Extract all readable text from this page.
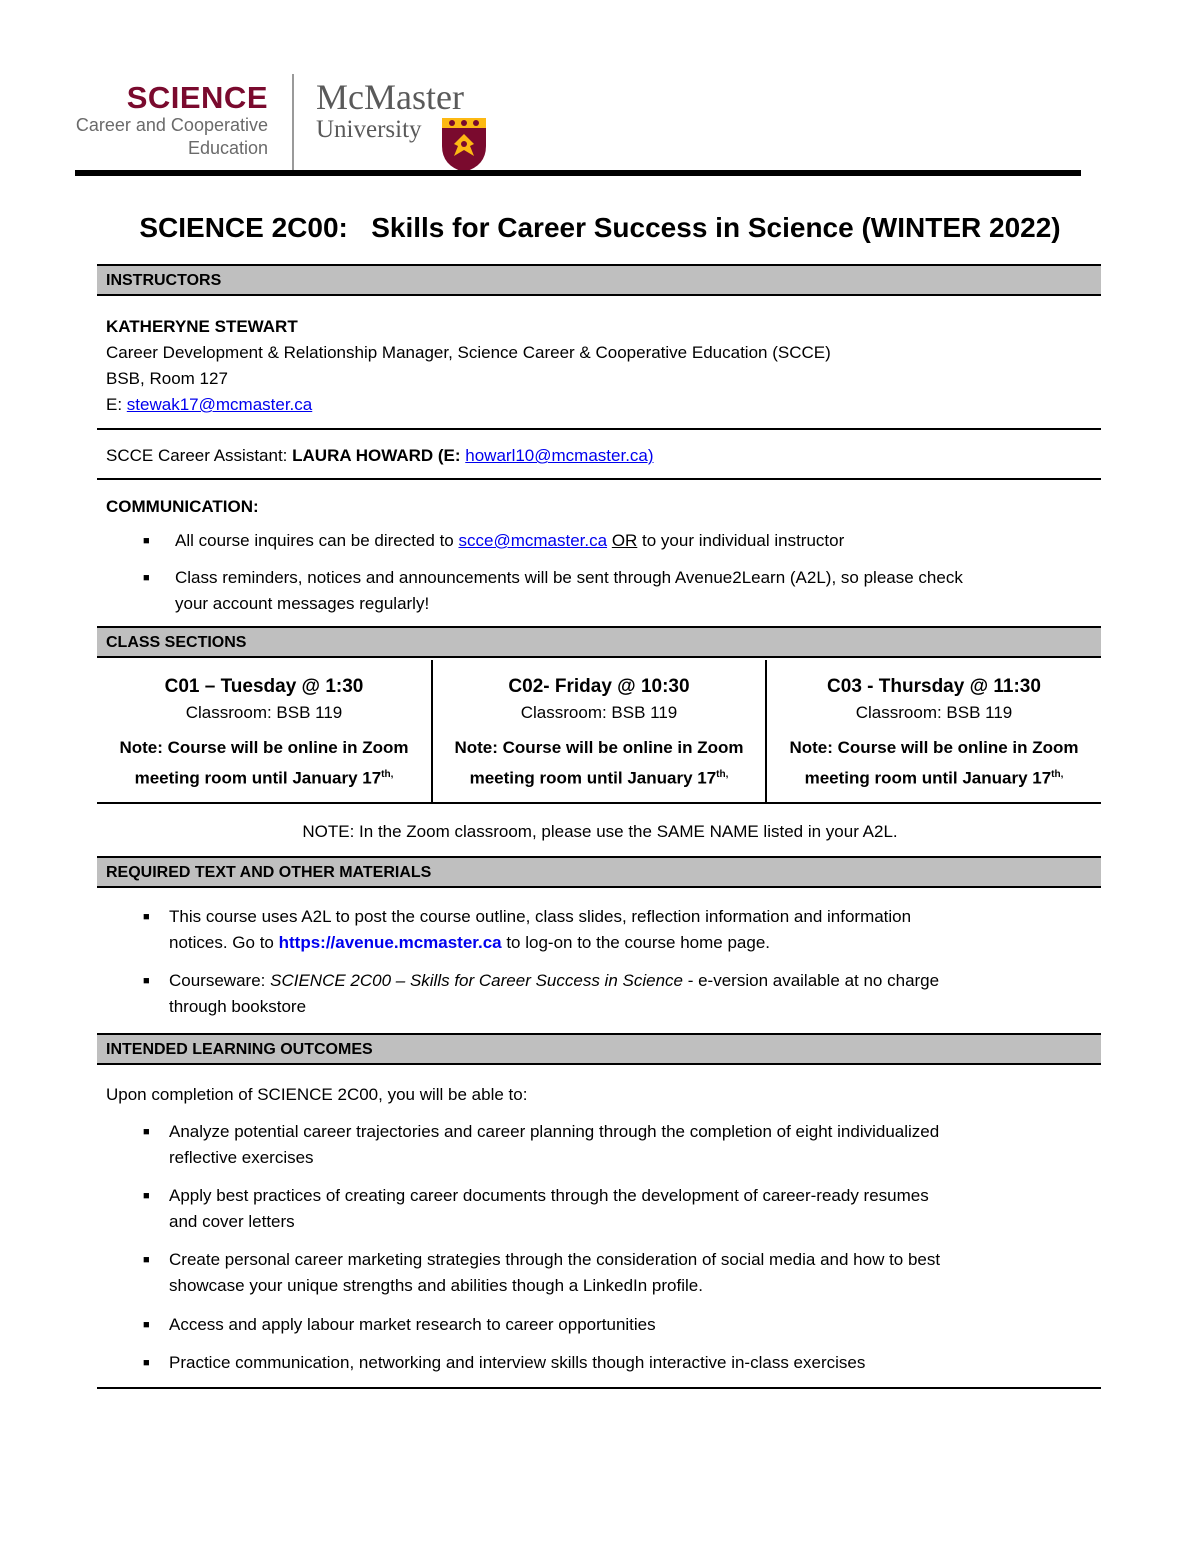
SCIENCE
Career and Cooperative
Education
McMaster
University
SCIENCE 2C00:   Skills for Career Success in Science (WINTER 2022)
INSTRUCTORS
KATHERYNE STEWART
Career Development & Relationship Manager, Science Career & Cooperative Education (SCCE)
BSB, Room 127
E: stewak17@mcmaster.ca
SCCE Career Assistant: LAURA HOWARD (E: howarl10@mcmaster.ca)
COMMUNICATION:
■ All course inquires can be directed to scce@mcmaster.ca OR to your individual instructor
■ Class reminders, notices and announcements will be sent through Avenue2Learn (A2L), so please check
your account messages regularly!
CLASS SECTIONS
C01 – Tuesday @ 1:30
Classroom: BSB 119
Note: Course will be online in Zoom
meeting room until January $17^{th,}$
C02- Friday @ 10:30
Classroom: BSB 119
Note: Course will be online in Zoom
meeting room until January $17^{th,}$
C03 - Thursday @ 11:30
Classroom: BSB 119
Note: Course will be online in Zoom
meeting room until January $17^{th,}$
NOTE: In the Zoom classroom, please use the SAME NAME listed in your A2L.
REQUIRED TEXT AND OTHER MATERIALS
■ This course uses A2L to post the course outline, class slides, reflection information and information
notices. Go to https://avenue.mcmaster.ca to log-on to the course home page.
■ Courseware: SCIENCE 2C00 – Skills for Career Success in Science - e-version available at no charge
through bookstore
INTENDED LEARNING OUTCOMES
Upon completion of SCIENCE 2C00, you will be able to:
■ Analyze potential career trajectories and career planning through the completion of eight individualized
reflective exercises
■ Apply best practices of creating career documents through the development of career-ready resumes
and cover letters
■ Create personal career marketing strategies through the consideration of social media and how to best
showcase your unique strengths and abilities though a LinkedIn profile.
■ Access and apply labour market research to career opportunities
■ Practice communication, networking and interview skills though interactive in-class exercises
